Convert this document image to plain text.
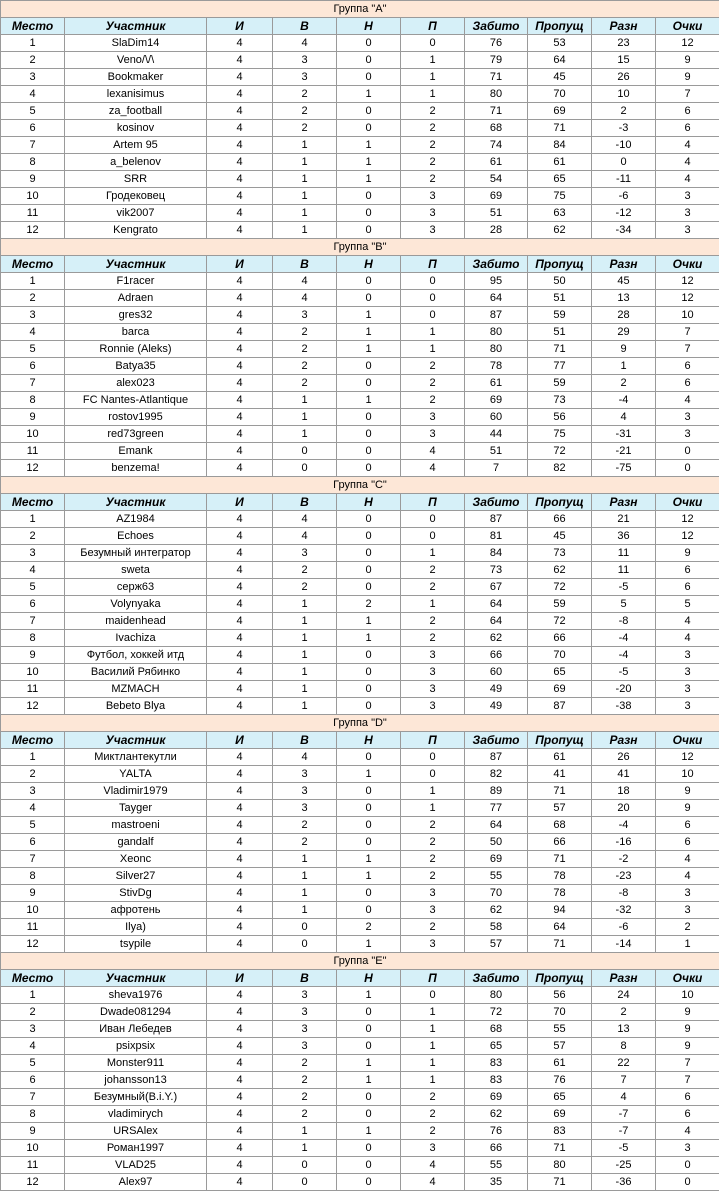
Группа "А"									
Место	Участник	И	В	Н	П	Забито	Пропущ	Разн	Очки
1	SlaDim14	4	4	0	0	76	53	23	12
2	Veno/\/\	4	3	0	1	79	64	15	9
3	Bookmaker	4	3	0	1	71	45	26	9
4	lexanisimus	4	2	1	1	80	70	10	7
5	za_football	4	2	0	2	71	69	2	6
6	kosinov	4	2	0	2	68	71	-3	6
7	Artem 95	4	1	1	2	74	84	-10	4
8	a_belenov	4	1	1	2	61	61	0	4
9	SRR	4	1	1	2	54	65	-11	4
10	Гродековец	4	1	0	3	69	75	-6	3
11	vik2007	4	1	0	3	51	63	-12	3
12	Kengrato	4	1	0	3	28	62	-34	3
Группа "В"									
Место	Участник	И	В	Н	П	Забито	Пропущ	Разн	Очки
1	F1racer	4	4	0	0	95	50	45	12
2	Adraen	4	4	0	0	64	51	13	12
3	gres32	4	3	1	0	87	59	28	10
4	barca	4	2	1	1	80	51	29	7
5	Ronnie (Aleks)	4	2	1	1	80	71	9	7
6	Batya35	4	2	0	2	78	77	1	6
7	alex023	4	2	0	2	61	59	2	6
8	FC Nantes-Atlantique	4	1	1	2	69	73	-4	4
9	rostov1995	4	1	0	3	60	56	4	3
10	red73green	4	1	0	3	44	75	-31	3
11	Emank	4	0	0	4	51	72	-21	0
12	benzema!	4	0	0	4	7	82	-75	0
Группа "С"									
Место	Участник	И	В	Н	П	Забито	Пропущ	Разн	Очки
1	AZ1984	4	4	0	0	87	66	21	12
2	Echoes	4	4	0	0	81	45	36	12
3	Безумный интегратор	4	3	0	1	84	73	11	9
4	sweta	4	2	0	2	73	62	11	6
5	серж63	4	2	0	2	67	72	-5	6
6	Volynyaka	4	1	2	1	64	59	5	5
7	maidenhead	4	1	1	2	64	72	-8	4
8	Ivachiza	4	1	1	2	62	66	-4	4
9	Футбол, хоккей итд	4	1	0	3	66	70	-4	3
10	Василий Рябинко	4	1	0	3	60	65	-5	3
11	MZMACH	4	1	0	3	49	69	-20	3
12	Bebeto Blya	4	1	0	3	49	87	-38	3
Группа "D"									
Место	Участник	И	В	Н	П	Забито	Пропущ	Разн	Очки
1	Миктлантекутли	4	4	0	0	87	61	26	12
2	YALTA	4	3	1	0	82	41	41	10
3	Vladimir1979	4	3	0	1	89	71	18	9
4	Tayger	4	3	0	1	77	57	20	9
5	mastroeni	4	2	0	2	64	68	-4	6
6	gandalf	4	2	0	2	50	66	-16	6
7	Xeonc	4	1	1	2	69	71	-2	4
8	Silver27	4	1	1	2	55	78	-23	4
9	StivDg	4	1	0	3	70	78	-8	3
10	афротень	4	1	0	3	62	94	-32	3
11	Ilya)	4	0	2	2	58	64	-6	2
12	tsypile	4	0	1	3	57	71	-14	1
Группа "Е"									
Место	Участник	И	В	Н	П	Забито	Пропущ	Разн	Очки
1	sheva1976	4	3	1	0	80	56	24	10
2	Dwade081294	4	3	0	1	72	70	2	9
3	Иван Лебедев	4	3	0	1	68	55	13	9
4	psixpsix	4	3	0	1	65	57	8	9
5	Monster911	4	2	1	1	83	61	22	7
6	johansson13	4	2	1	1	83	76	7	7
7	Безумный(B.i.Y.)	4	2	0	2	69	65	4	6
8	vladimirych	4	2	0	2	62	69	-7	6
9	URSAlex	4	1	1	2	76	83	-7	4
10	Роман1997	4	1	0	3	66	71	-5	3
11	VLAD25	4	0	0	4	55	80	-25	0
12	Alex97	4	0	0	4	35	71	-36	0
